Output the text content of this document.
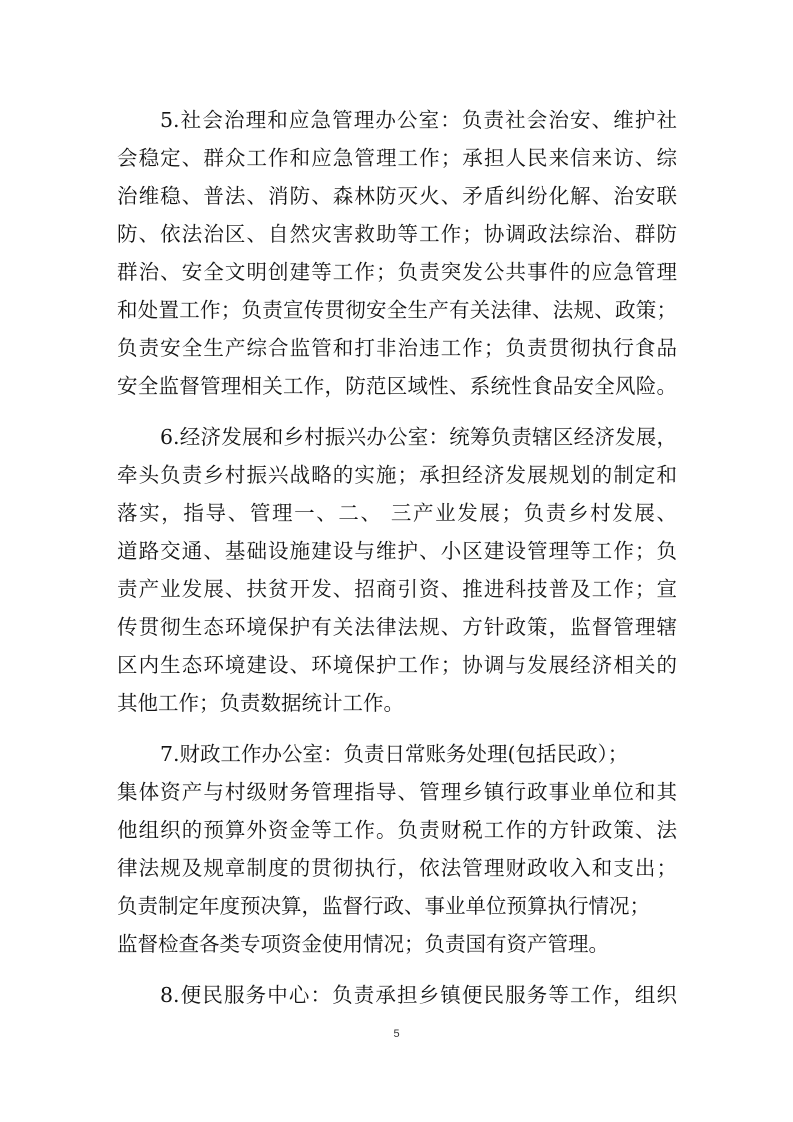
5.社会治理和应急管理办公室：负责社会治安、维护社
会稳定、群众工作和应急管理工作；承担人民来信来访、综
治维稳、普法、消防、森林防灭火、矛盾纠纷化解、治安联
防、依法治区、自然灾害救助等工作；协调政法综治、群防
群治、安全文明创建等工作；负责突发公共事件的应急管理
和处置工作；负责宣传贯彻安全生产有关法律、法规、政策；
负责安全生产综合监管和打非治违工作；负责贯彻执行食品
安全监督管理相关工作，防范区域性、系统性食品安全风险。
6.经济发展和乡村振兴办公室：统筹负责辖区经济发展，
牵头负责乡村振兴战略的实施；承担经济发展规划的制定和
落实，指导、管理一、二、 三产业发展；负责乡村发展、
道路交通、基础设施建设与维护、小区建设管理等工作；负
责产业发展、扶贫开发、招商引资、推进科技普及工作；宣
传贯彻生态环境保护有关法律法规、方针政策，监督管理辖
区内生态环境建设、环境保护工作；协调与发展经济相关的
其他工作；负责数据统计工作。
7.财政工作办公室：负责日常账务处理(包括民政）；
集体资产与村级财务管理指导、管理乡镇行政事业单位和其
他组织的预算外资金等工作。负责财税工作的方针政策、法
律法规及规章制度的贯彻执行，依法管理财政收入和支出；
负责制定年度预决算，监督行政、事业单位预算执行情况；
监督检查各类专项资金使用情况；负责国有资产管理。
8.便民服务中心：负责承担乡镇便民服务等工作，组织
5
